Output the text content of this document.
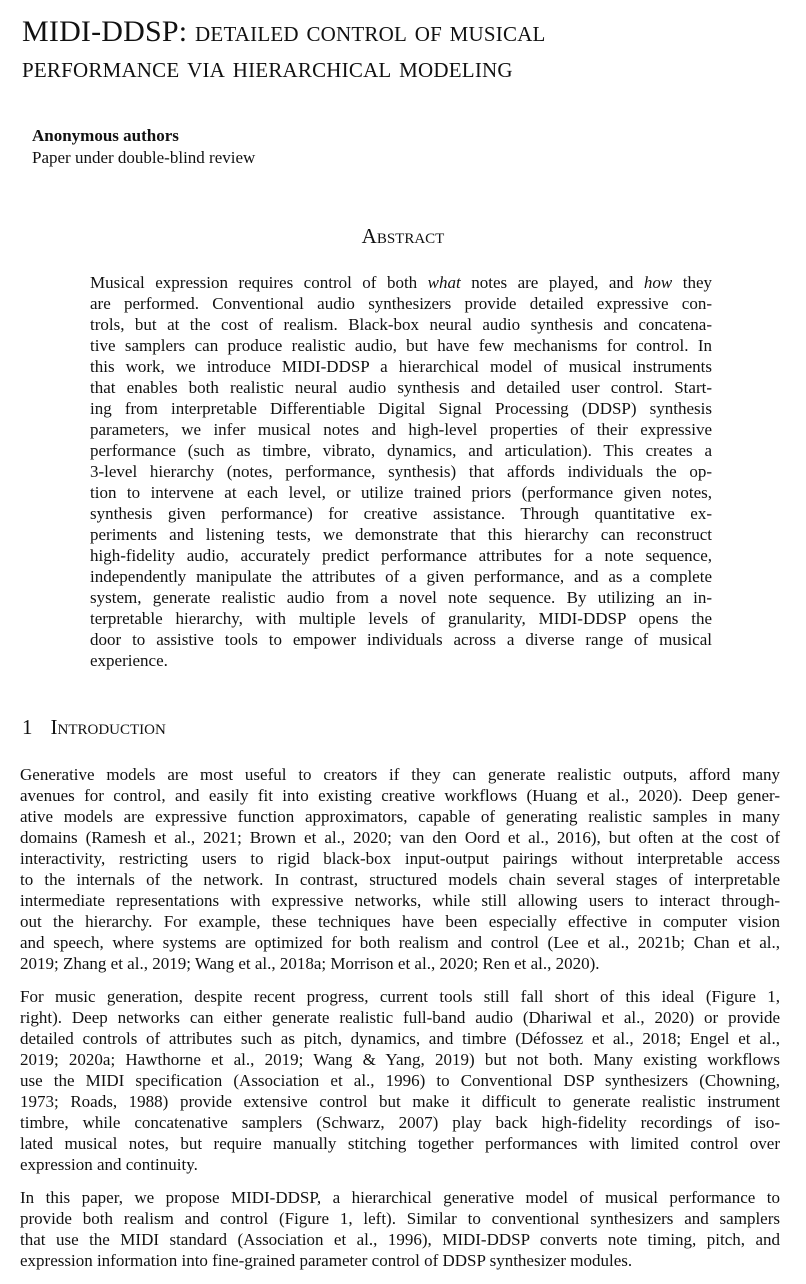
MIDI-DDSP: detailed control of musical
performance via hierarchical modeling
Anonymous authors
Paper under double-blind review
Abstract
Musical expression requires control of both what notes are played, and how they
are performed. Conventional audio synthesizers provide detailed expressive con-
trols, but at the cost of realism. Black-box neural audio synthesis and concatena-
tive samplers can produce realistic audio, but have few mechanisms for control. In
this work, we introduce MIDI-DDSP a hierarchical model of musical instruments
that enables both realistic neural audio synthesis and detailed user control. Start-
ing from interpretable Differentiable Digital Signal Processing (DDSP) synthesis
parameters, we infer musical notes and high-level properties of their expressive
performance (such as timbre, vibrato, dynamics, and articulation). This creates a
3-level hierarchy (notes, performance, synthesis) that affords individuals the op-
tion to intervene at each level, or utilize trained priors (performance given notes,
synthesis given performance) for creative assistance. Through quantitative ex-
periments and listening tests, we demonstrate that this hierarchy can reconstruct
high-fidelity audio, accurately predict performance attributes for a note sequence,
independently manipulate the attributes of a given performance, and as a complete
system, generate realistic audio from a novel note sequence. By utilizing an in-
terpretable hierarchy, with multiple levels of granularity, MIDI-DDSP opens the
door to assistive tools to empower individuals across a diverse range of musical
experience.
1 Introduction
Generative models are most useful to creators if they can generate realistic outputs, afford many
avenues for control, and easily fit into existing creative workflows (Huang et al., 2020). Deep gener-
ative models are expressive function approximators, capable of generating realistic samples in many
domains (Ramesh et al., 2021; Brown et al., 2020; van den Oord et al., 2016), but often at the cost of
interactivity, restricting users to rigid black-box input-output pairings without interpretable access
to the internals of the network. In contrast, structured models chain several stages of interpretable
intermediate representations with expressive networks, while still allowing users to interact through-
out the hierarchy. For example, these techniques have been especially effective in computer vision
and speech, where systems are optimized for both realism and control (Lee et al., 2021b; Chan et al.,
2019; Zhang et al., 2019; Wang et al., 2018a; Morrison et al., 2020; Ren et al., 2020).
For music generation, despite recent progress, current tools still fall short of this ideal (Figure 1,
right). Deep networks can either generate realistic full-band audio (Dhariwal et al., 2020) or provide
detailed controls of attributes such as pitch, dynamics, and timbre (Défossez et al., 2018; Engel et al.,
2019; 2020a; Hawthorne et al., 2019; Wang & Yang, 2019) but not both. Many existing workflows
use the MIDI specification (Association et al., 1996) to Conventional DSP synthesizers (Chowning,
1973; Roads, 1988) provide extensive control but make it difficult to generate realistic instrument
timbre, while concatenative samplers (Schwarz, 2007) play back high-fidelity recordings of iso-
lated musical notes, but require manually stitching together performances with limited control over
expression and continuity.
In this paper, we propose MIDI-DDSP, a hierarchical generative model of musical performance to
provide both realism and control (Figure 1, left). Similar to conventional synthesizers and samplers
that use the MIDI standard (Association et al., 1996), MIDI-DDSP converts note timing, pitch, and
expression information into fine-grained parameter control of DDSP synthesizer modules.
